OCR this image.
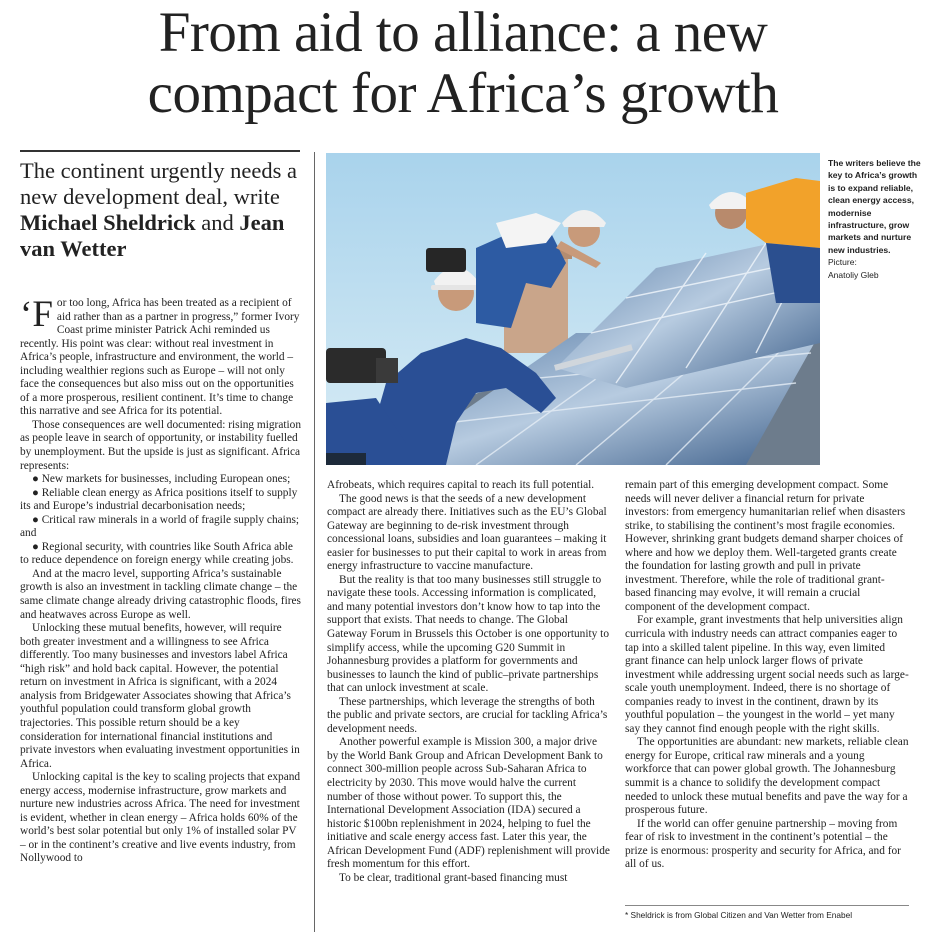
From aid to alliance: a new
compact for Africa’s growth
The continent urgently needs a new development deal, write Michael Sheldrick and Jean van Wetter
The writers believe the key to Africa’s growth is to expand reliable, clean energy access, modernise infrastructure, grow markets and nurture new industries.
Picture:
Anatoliy Gleb

‘For too long, Africa has been treated as a recipient of aid rather than as a partner in progress,” former Ivory Coast prime minister Patrick Achi reminded us recently. His point was clear: without real investment in Africa’s people, infrastructure and environment, the world – including wealthier regions such as Europe – will not only face the consequences but also miss out on the opportunities of a more prosperous, resilient continent. It’s time to change this narrative and see Africa for its potential.

Those consequences are well documented: rising migration as people leave in search of opportunity, or instability fuelled by unemployment. But the upside is just as significant. Africa represents:

● New markets for businesses, including European ones;

● Reliable clean energy as Africa positions itself to supply its and Europe’s industrial decarbonisation needs;

● Critical raw minerals in a world of fragile supply chains; and

● Regional security, with countries like South Africa able to reduce dependence on foreign energy while creating jobs.

And at the macro level, supporting Africa’s sustainable growth is also an investment in tackling climate change – the same climate change already driving catastrophic floods, fires and heatwaves across Europe as well.

Unlocking these mutual benefits, however, will require both greater investment and a willingness to see Africa differently. Too many businesses and investors label Africa “high risk” and hold back capital. However, the potential return on investment in Africa is significant, with a 2024 analysis from Bridgewater Associates showing that Africa’s youthful population could transform global growth trajectories. This possible return should be a key consideration for international financial institutions and private investors when evaluating investment opportunities in Africa.

Unlocking capital is the key to scaling projects that expand energy access, modernise infrastructure, grow markets and nurture new industries across Africa. The need for investment is evident, whether in clean energy – Africa holds 60% of the world’s best solar potential but only 1% of installed solar PV – or in the continent’s creative and live events industry, from Nollywood to

Afrobeats, which requires capital to reach its full potential.

The good news is that the seeds of a new development compact are already there. Initiatives such as the EU’s Global Gateway are beginning to de-risk investment through concessional loans, subsidies and loan guarantees – making it easier for businesses to put their capital to work in areas from energy infrastructure to vaccine manufacture.

But the reality is that too many businesses still struggle to navigate these tools. Accessing information is complicated, and many potential investors don’t know how to tap into the support that exists. That needs to change. The Global Gateway Forum in Brussels this October is one opportunity to simplify access, while the upcoming G20 Summit in Johannesburg provides a platform for governments and businesses to launch the kind of public–private partnerships that can unlock investment at scale.

These partnerships, which leverage the strengths of both the public and private sectors, are crucial for tackling Africa’s development needs.

Another powerful example is Mission 300, a major drive by the World Bank Group and African Development Bank to connect 300-million people across Sub-Saharan Africa to electricity by 2030. This move would halve the current number of those without power. To support this, the International Development Association (IDA) secured a historic $100bn replenishment in 2024, helping to fuel the initiative and scale energy access fast. Later this year, the African Development Fund (ADF) replenishment will provide fresh momentum for this effort.

To be clear, traditional grant-based financing must

remain part of this emerging development compact. Some needs will never deliver a financial return for private investors: from emergency humanitarian relief when disasters strike, to stabilising the continent’s most fragile economies. However, shrinking grant budgets demand sharper choices of where and how we deploy them. Well-targeted grants create the foundation for lasting growth and pull in private investment. Therefore, while the role of traditional grant-based financing may evolve, it will remain a crucial component of the development compact.

For example, grant investments that help universities align curricula with industry needs can attract companies eager to tap into a skilled talent pipeline. In this way, even limited grant finance can help unlock larger flows of private investment while addressing urgent social needs such as large-scale youth unemployment. Indeed, there is no shortage of companies ready to invest in the continent, drawn by its youthful population – the youngest in the world – yet many say they cannot find enough people with the right skills.

The opportunities are abundant: new markets, reliable clean energy for Europe, critical raw minerals and a young workforce that can power global growth. The Johannesburg summit is a chance to solidify the development compact needed to unlock these mutual benefits and pave the way for a prosperous future.

If the world can offer genuine partnership – moving from fear of risk to investment in the continent’s potential – the prize is enormous: prosperity and security for Africa, and for all of us.

* Sheldrick is from Global Citizen and Van Wetter from Enabel
